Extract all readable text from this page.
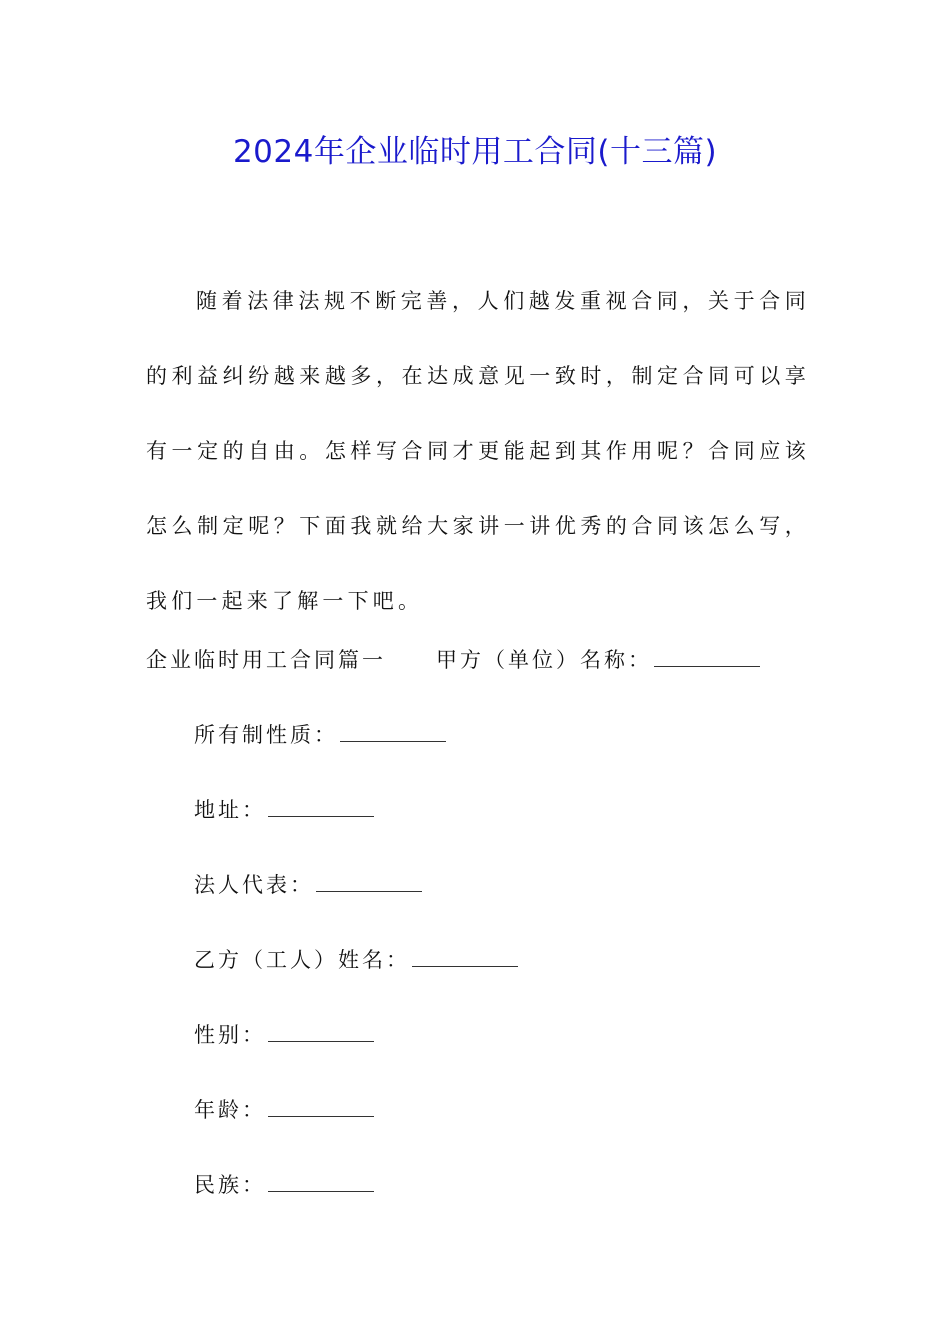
2024年企业临时用工合同(十三篇)

随着法律法规不断完善，人们越发重视合同，关于合同的利益纠纷越来越多，在达成意见一致时，制定合同可以享有一定的自由。怎样写合同才更能起到其作用呢？合同应该怎么制定呢？下面我就给大家讲一讲优秀的合同该怎么写，我们一起来了解一下吧。

企业临时用工合同篇一 甲方（单位）名称：
所有制性质：
地址：
法人代表：
乙方（工人）姓名：
性别：
年龄：
民族：
